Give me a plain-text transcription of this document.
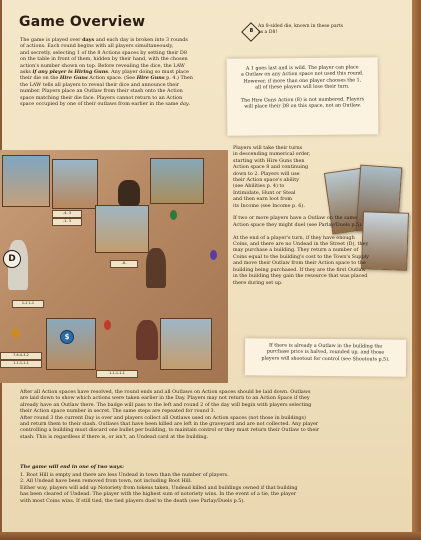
Game Overview
8
An 8-sided die, known in these parts as a D8!
The game is played over days and each day is broken into 3 rounds
of actions. Each round begins with all players simultaneously,
and secretly, selecting 1 of the 8 Actions spaces by setting their D8
on the table in front of them, hidden by their hand, with the chosen
action's number shown on top. Before revealing the dice, the LAW
asks if any player is Hiring Guns. Any player doing so must place
their die on the Hire Guns Action space. (See Hire Guns p. 4.) Then
the LAW tells all players to reveal their dice and announce their
number. Players place an Outlaw from their stash onto the Action
space matching their die face. Players cannot return to an Action
space occupied by one of their outlaws from earlier in the same day.
A 1 goes last and is wild. The player can place
a Outlaw on any Action space not used this round.
However, if more than one player chooses the 1,
all of these players will lose their turn.
The Hire Guns Action (8) is not numbered. Players
will place their D8 on this space, not an Outlaw.
D
$
-4- 3
-1- 3
1-1 1-1
7-6-4-3-2
1-1-1-1-1
-6-
1-1-1-1-1
Players will take their turns
in descending numerical order,
starting with Hire Guns then
Action space 8 and continuing
down to 2. Players will use
their Action space's ability
(see Abilities p. 4) to
Intimidate, Hunt or Steal
and then earn loot from
its Income (see Income p. 6).
If two or more players have a Outlaw on the same
Action space they might duel (see Parlay/Duels p.5).
At the end of a player's turn, if they have enough
Coins, and there are no Undead in the Street (D), they
may purchase a building. They return a number of
Coins equal to the building's cost to the Town's Supply
and move their Outlaw from their Action space to the
building being purchased. If they are the first Outlaw
in the building they gain the resource that was placed
there during set up.
If there is already a Outlaw in the building the
purchase price is halved, rounded up, and those
players will shootout for control (see Shootouts p.5).
After all Action spaces have resolved, the round ends and all Outlaws on Action spaces should be laid down. Outlaws
are laid down to show which actions were taken earlier in the Day. Players may not return to an Action Space if they
already have an Outlaw there. The badge will pass to the left and round 2 of the day will begin with players selecting
their Action space number in secret. The same steps are repeated for round 3.
After round 3 the current Day is over and players collect all Outlaws used on Action spaces (not those in buildings)
and return them to their stash. Outlaws that have been killed are left in the graveyard and are not collected. Any player
controlling a building must discard one bullet per building, to maintain control or they must return their Outlaw to their
stash. This is regardless if there is, or isn't, an Undead card at the building.
The game will end in one of two ways:
1. Boot Hill is empty and there are less Undead in town than the number of players.
2. All Undead have been removed from town, not including Boot Hill.
Either way, players will add up Notoriety from tokens taken, Undead killed and buildings owned if that building
has been cleared of Undead. The player with the highest sum of notoriety wins. In the event of a tie, the player
with most Coins wins. If still tied, the tied players duel to the death (see Parlay/Duels p.5).
